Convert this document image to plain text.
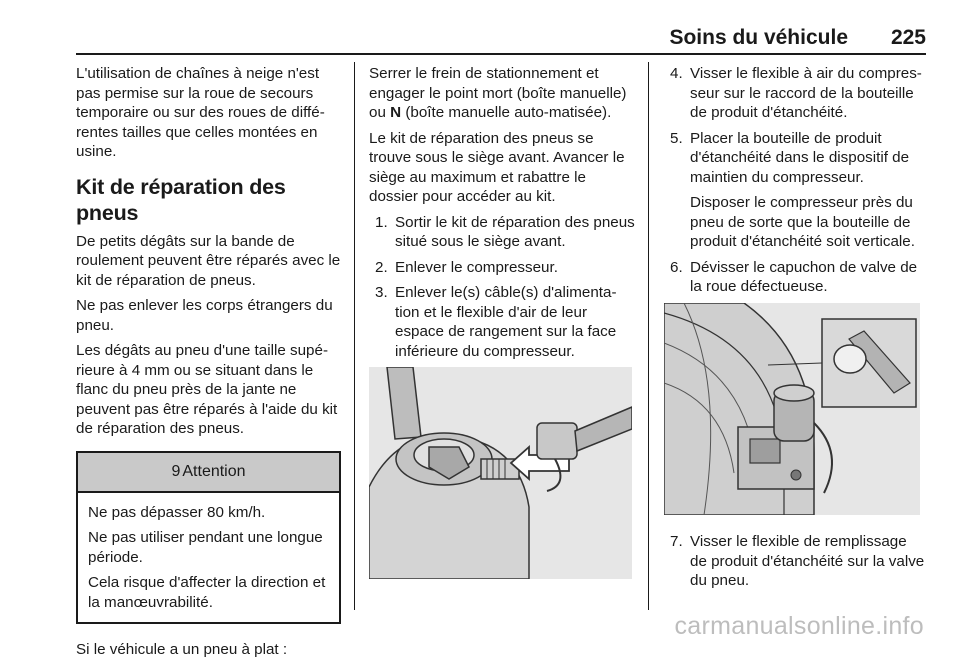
Soins du véhicule 225

L'utilisation de chaînes à neige n'est pas permise sur la roue de secours temporaire ou sur des roues de diffé-rentes tailles que celles montées en usine.

Kit de réparation des pneus

De petits dégâts sur la bande de roulement peuvent être réparés avec le kit de réparation de pneus.

Ne pas enlever les corps étrangers du pneu.

Les dégâts au pneu d'une taille supé-rieure à 4 mm ou se situant dans le flanc du pneu près de la jante ne peuvent pas être réparés à l'aide du kit de réparation des pneus.

9 Attention

Ne pas dépasser 80 km/h.

Ne pas utiliser pendant une longue période.

Cela risque d'affecter la direction et la manœuvrabilité.

Si le véhicule a un pneu à plat :

Serrer le frein de stationnement et engager le point mort (boîte manuelle) ou N (boîte manuelle auto-matisée).

Le kit de réparation des pneus se trouve sous le siège avant. Avancer le siège au maximum et rabattre le dossier pour accéder au kit.

1. Sortir le kit de réparation des pneus situé sous le siège avant.
2. Enlever le compresseur.
3. Enlever le(s) câble(s) d'alimenta-tion et le flexible d'air de leur espace de rangement sur la face inférieure du compresseur.
4. Visser le flexible à air du compres-seur sur le raccord de la bouteille de produit d'étanchéité.
5. Placer la bouteille de produit d'étanchéité dans le dispositif de maintien du compresseur.

Disposer le compresseur près du pneu de sorte que la bouteille de produit d'étanchéité soit verticale.

6. Dévisser le capuchon de valve de la roue défectueuse.
7. Visser le flexible de remplissage de produit d'étanchéité sur la valve du pneu.
carmanualsonline.info
